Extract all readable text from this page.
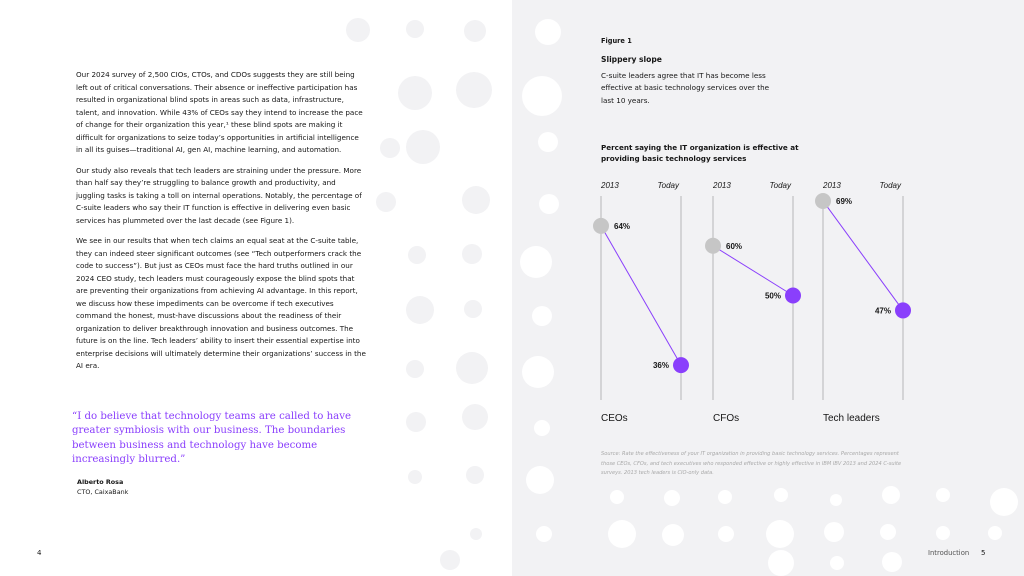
Our 2024 survey of 2,500 CIOs, CTOs, and CDOs suggests they are still being left out of critical conversations. Their absence or ineffective participation has resulted in organizational blind spots in areas such as data, infrastructure, talent, and innovation. While 43% of CEOs say they intend to increase the pace of change for their organization this year,¹ these blind spots are making it difficult for organizations to seize today’s opportunities in artificial intelligence in all its guises—traditional AI, gen AI, machine learning, and automation.

Our study also reveals that tech leaders are straining under the pressure. More than half say they’re struggling to balance growth and productivity, and juggling tasks is taking a toll on internal operations. Notably, the percentage of C-suite leaders who say their IT function is effective in delivering even basic services has plummeted over the last decade (see Figure 1).

We see in our results that when tech claims an equal seat at the C-suite table, they can indeed steer significant outcomes (see “Tech outperformers crack the code to success”). But just as CEOs must face the hard truths outlined in our 2024 CEO study, tech leaders must courageously expose the blind spots that are preventing their organizations from achieving AI advantage. In this report, we discuss how these impediments can be overcome if tech executives command the honest, must-have discussions about the readiness of their organization to deliver breakthrough innovation and business outcomes. The future is on the line. Tech leaders’ ability to insert their essential expertise into enterprise decisions will ultimately determine their organizations’ success in the AI era.

“I do believe that technology teams are called to have greater symbiosis with our business. The boundaries between business and technology have become increasingly blurred.”
Alberto Rosa
CTO, CaixaBank
4
Figure 1
Slippery slope
C-suite leaders agree that IT has become less effective at basic technology services over the last 10 years.
Percent saying the IT organization is effective at providing basic technology services
2013	Today
64%
36%
CEOs
2013	Today
60%
50%
CFOs
2013	Today
69%
47%
Tech leaders
Source: Rate the effectiveness of your IT organization in providing basic technology services. Percentages represent those CEOs, CFOs, and tech executives who responded effective or highly effective in IBM IBV 2013 and 2024 C-suite surveys. 2013 tech leaders is CIO-only data.
Introduction 5
